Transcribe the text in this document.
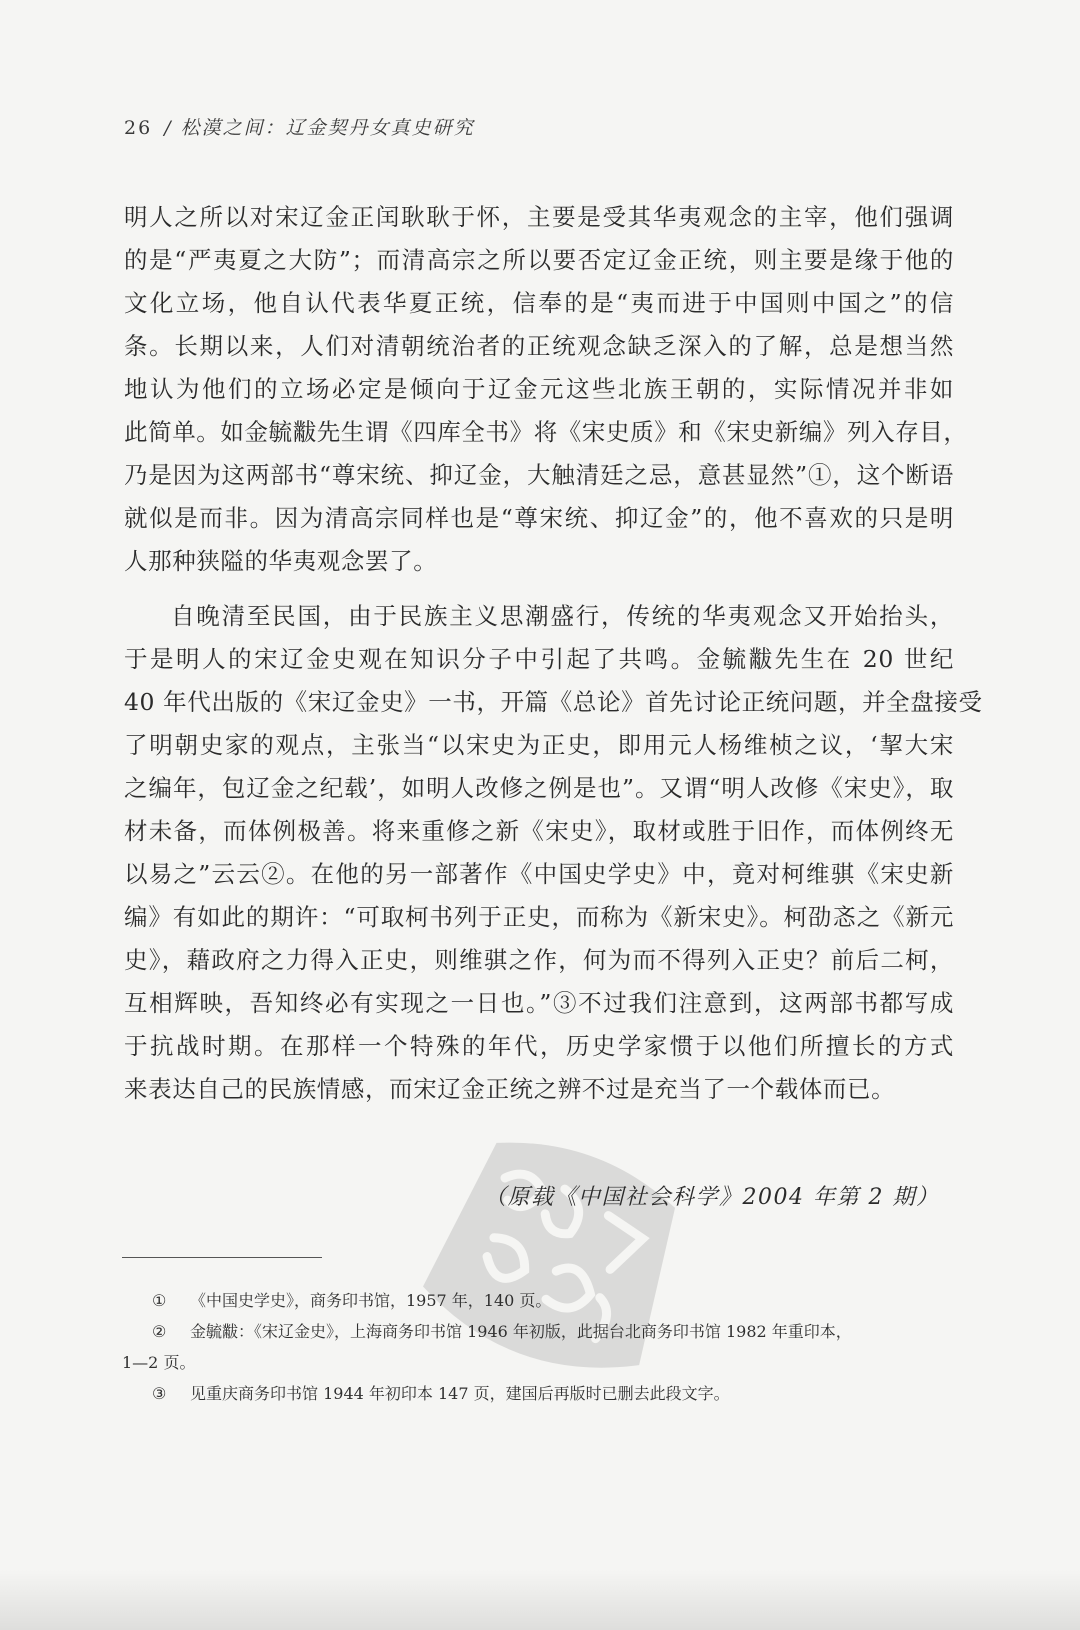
26 / 松漠之间：辽金契丹女真史研究
明人之所以对宋辽金正闰耿耿于怀，主要是受其华夷观念的主宰，他们强调
的是“严夷夏之大防”；而清高宗之所以要否定辽金正统，则主要是缘于他的
文化立场，他自认代表华夏正统，信奉的是“夷而进于中国则中国之”的信
条。长期以来，人们对清朝统治者的正统观念缺乏深入的了解，总是想当然
地认为他们的立场必定是倾向于辽金元这些北族王朝的，实际情况并非如
此简单。如金毓黻先生谓《四库全书》将《宋史质》和《宋史新编》列入存目，
乃是因为这两部书“尊宋统、抑辽金，大触清廷之忌，意甚显然”①，这个断语
就似是而非。因为清高宗同样也是“尊宋统、抑辽金”的，他不喜欢的只是明
人那种狭隘的华夷观念罢了。
自晚清至民国，由于民族主义思潮盛行，传统的华夷观念又开始抬头，
于是明人的宋辽金史观在知识分子中引起了共鸣。金毓黻先生在 20 世纪
40 年代出版的《宋辽金史》一书，开篇《总论》首先讨论正统问题，并全盘接受
了明朝史家的观点，主张当“以宋史为正史，即用元人杨维桢之议，‘挈大宋
之编年，包辽金之纪载’，如明人改修之例是也”。又谓“明人改修《宋史》，取
材未备，而体例极善。将来重修之新《宋史》，取材或胜于旧作，而体例终无
以易之”云云②。在他的另一部著作《中国史学史》中，竟对柯维骐《宋史新
编》有如此的期许：“可取柯书列于正史，而称为《新宋史》。柯劭忞之《新元
史》，藉政府之力得入正史，则维骐之作，何为而不得列入正史？前后二柯，
互相辉映，吾知终必有实现之一日也。”③不过我们注意到，这两部书都写成
于抗战时期。在那样一个特殊的年代，历史学家惯于以他们所擅长的方式
来表达自己的民族情感，而宋辽金正统之辨不过是充当了一个载体而已。
（原载《中国社会科学》2004 年第 2 期）
① 《中国史学史》，商务印书馆，1957 年，140 页。
② 金毓黻：《宋辽金史》，上海商务印书馆 1946 年初版，此据台北商务印书馆 1982 年重印本，
1—2 页。
③ 见重庆商务印书馆 1944 年初印本 147 页，建国后再版时已删去此段文字。
